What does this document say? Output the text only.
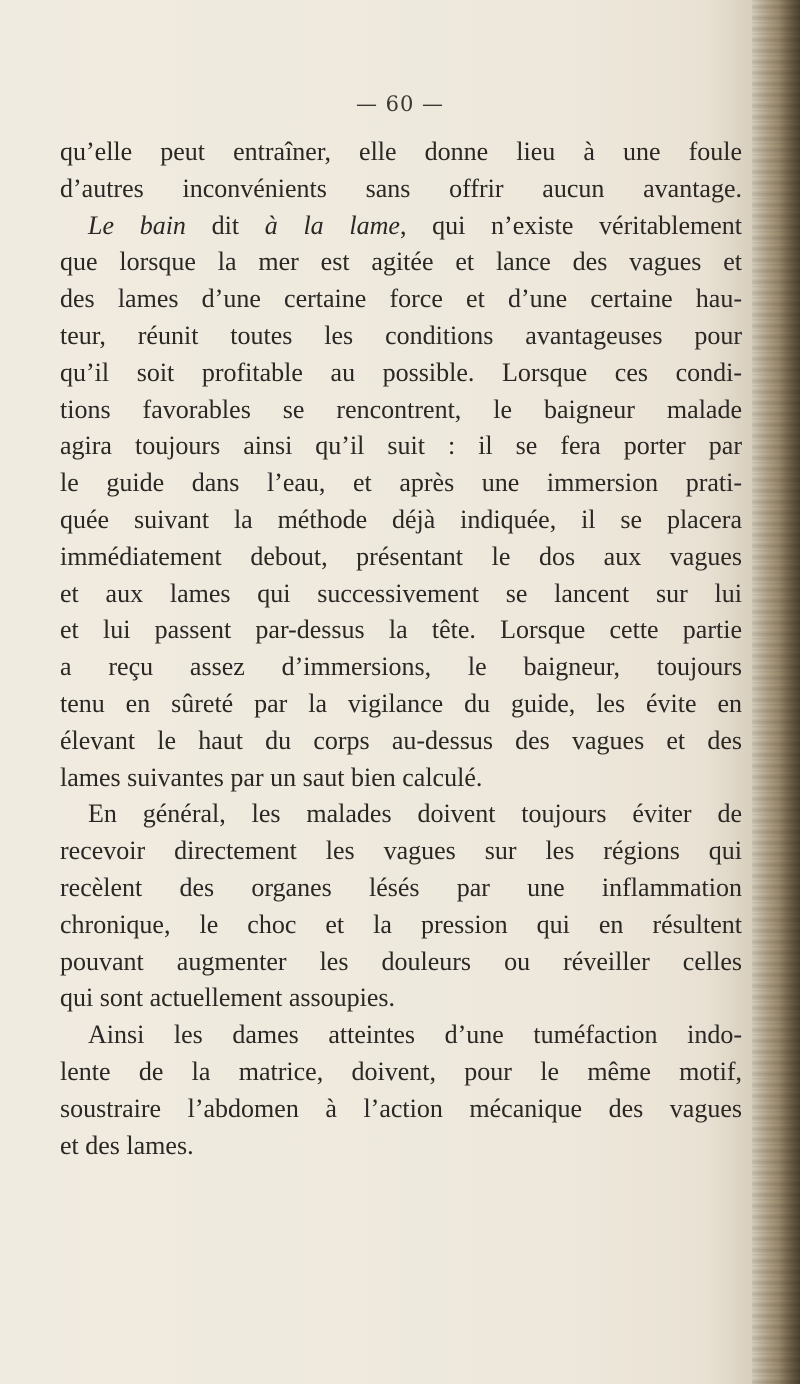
— 60 —
qu’elle peut entraîner, elle donne lieu à une foule
d’autres inconvénients sans offrir aucun avantage.
Le bain dit à la lame, qui n’existe véritablement
que lorsque la mer est agitée et lance des vagues et
des lames d’une certaine force et d’une certaine hau-
teur, réunit toutes les conditions avantageuses pour
qu’il soit profitable au possible. Lorsque ces condi-
tions favorables se rencontrent, le baigneur malade
agira toujours ainsi qu’il suit : il se fera porter par
le guide dans l’eau, et après une immersion prati-
quée suivant la méthode déjà indiquée, il se placera
immédiatement debout, présentant le dos aux vagues
et aux lames qui successivement se lancent sur lui
et lui passent par-dessus la tête. Lorsque cette partie
a reçu assez d’immersions, le baigneur, toujours
tenu en sûreté par la vigilance du guide, les évite en
élevant le haut du corps au-dessus des vagues et des
lames suivantes par un saut bien calculé.
En général, les malades doivent toujours éviter de
recevoir directement les vagues sur les régions qui
recèlent des organes lésés par une inflammation
chronique, le choc et la pression qui en résultent
pouvant augmenter les douleurs ou réveiller celles
qui sont actuellement assoupies.
Ainsi les dames atteintes d’une tuméfaction indo-
lente de la matrice, doivent, pour le même motif,
soustraire l’abdomen à l’action mécanique des vagues
et des lames.
